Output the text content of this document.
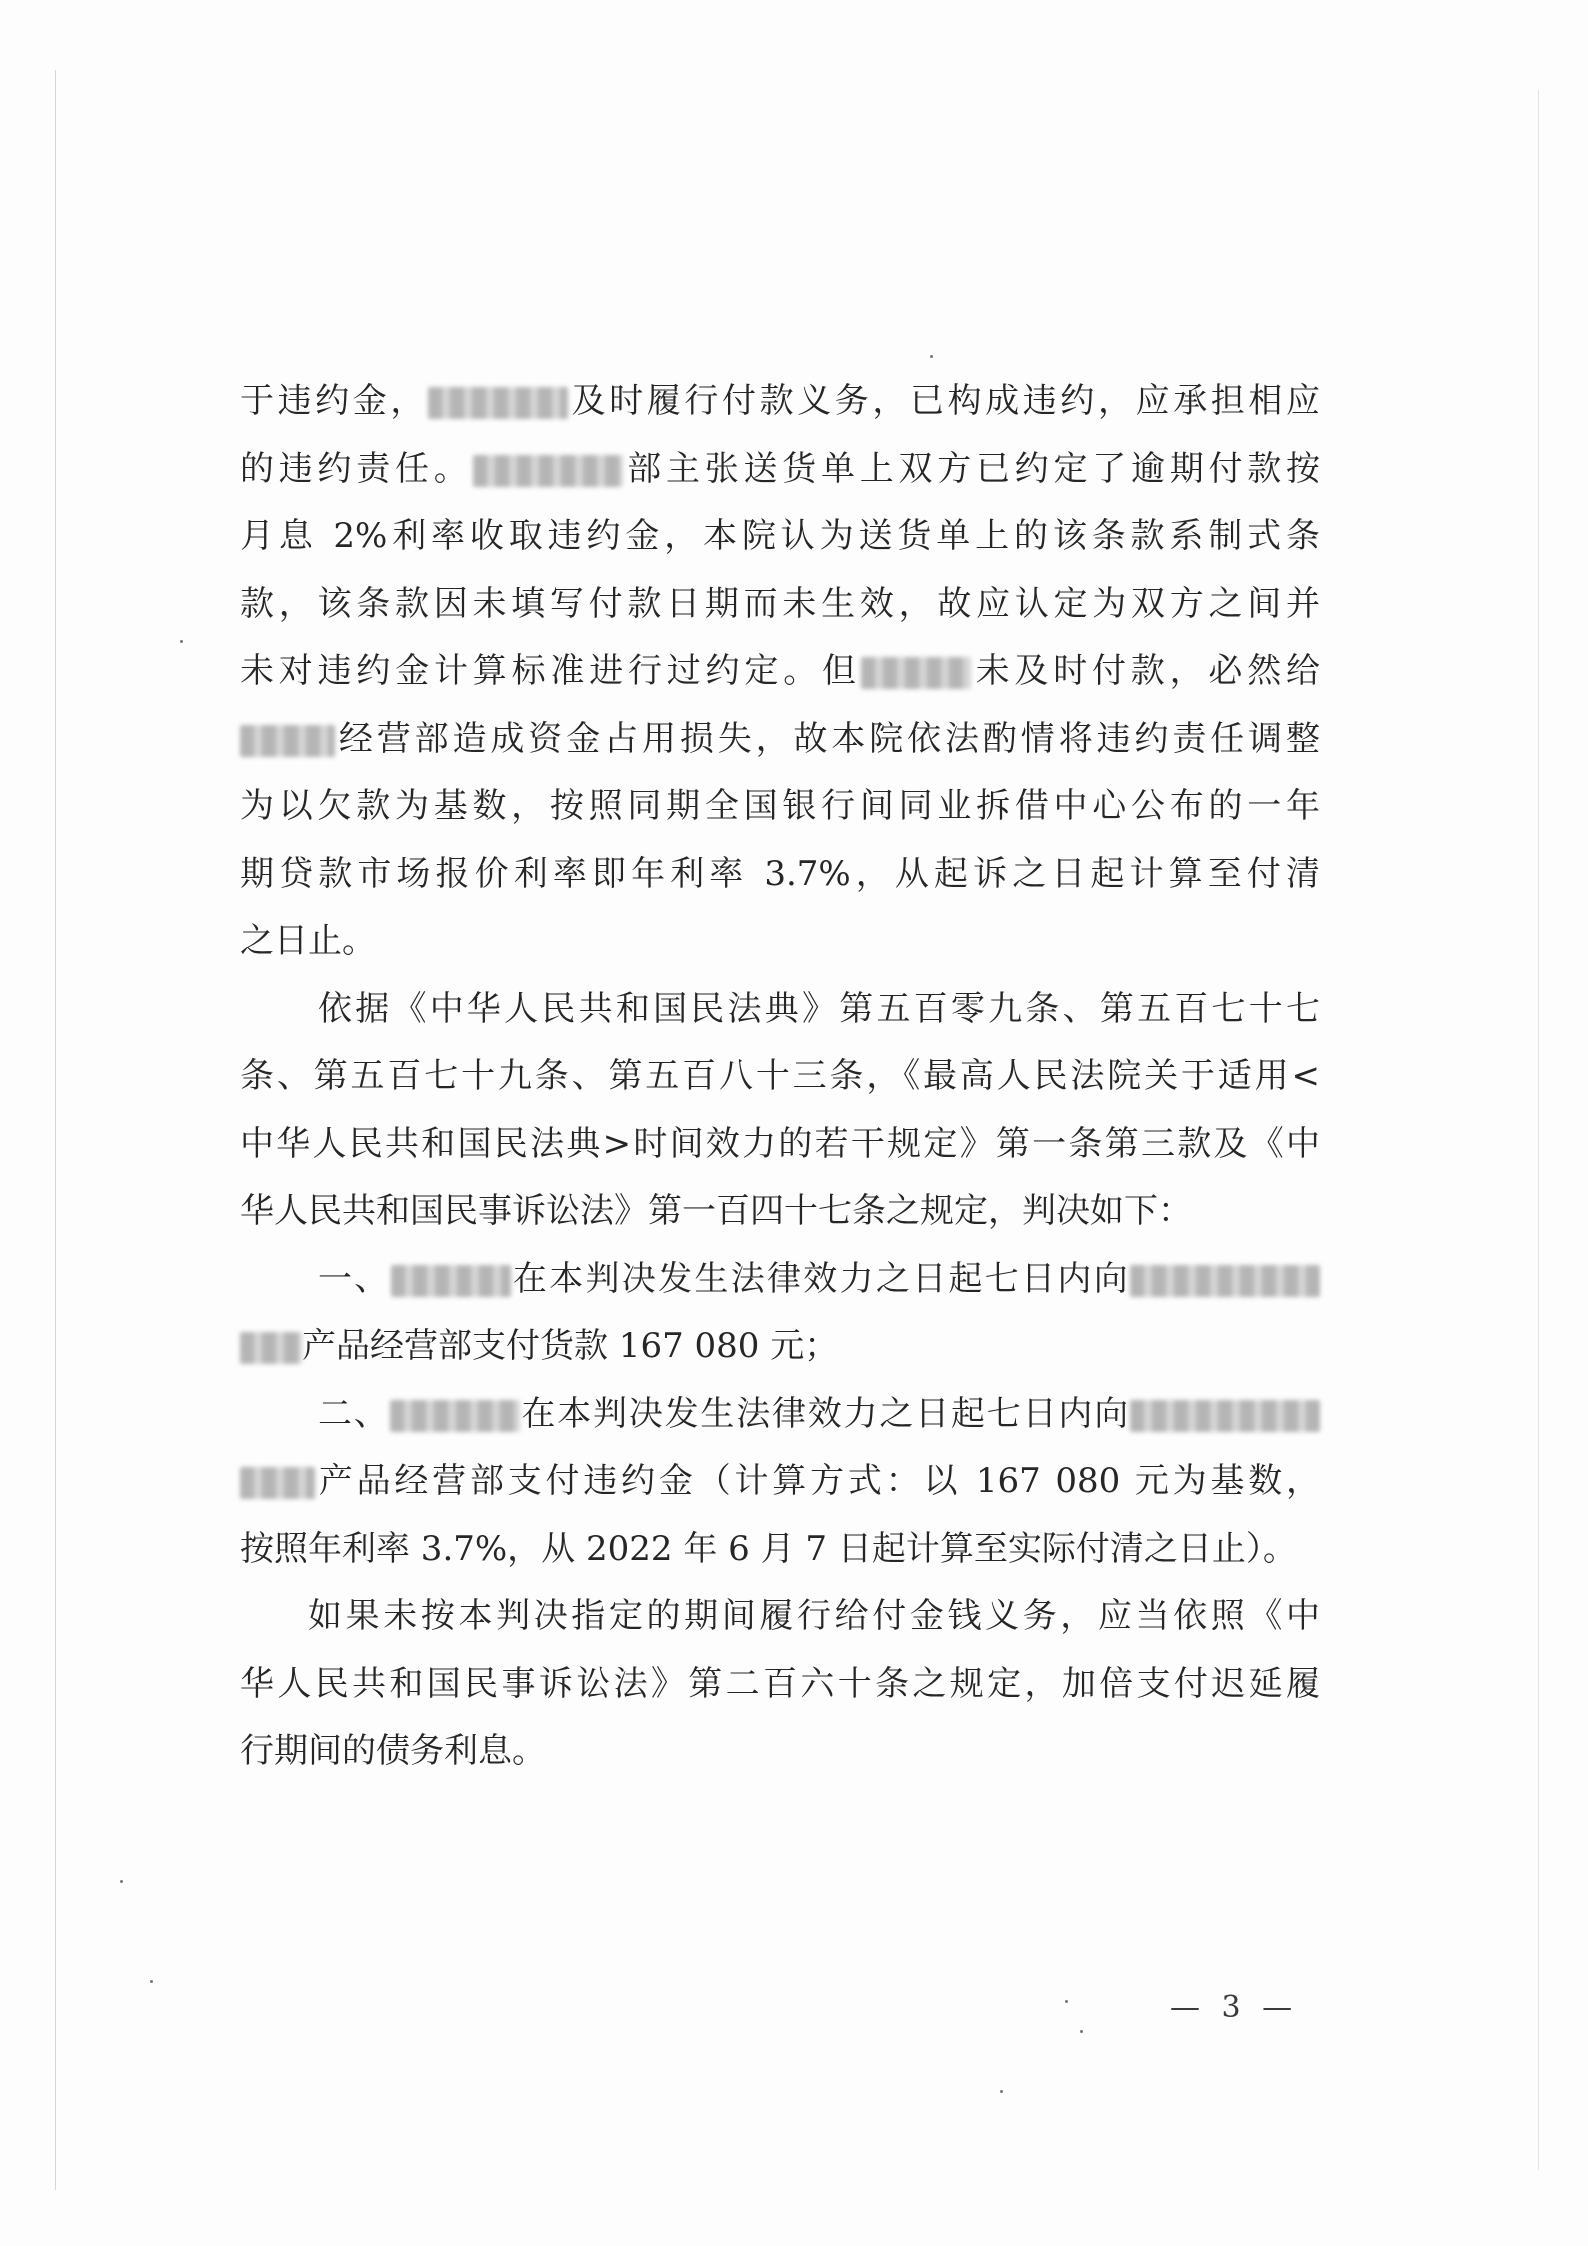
于违约金，	及时履行付款义务，已构成违约，应承担相应
的违约责任。	部主张送货单上双方已约定了逾期付款按
月息 2%利率收取违约金，本院认为送货单上的该条款系制式条
款，该条款因未填写付款日期而未生效，故应认定为双方之间并
未对违约金计算标准进行过约定。但	未及时付款，必然给
经营部造成资金占用损失，故本院依法酌情将违约责任调整
为以欠款为基数，按照同期全国银行间同业拆借中心公布的一年
期贷款市场报价利率即年利率 3.7%，从起诉之日起计算至付清
之日止。
依据《中华人民共和国民法典》第五百零九条、第五百七十七
条、第五百七十九条、第五百八十三条，《最高人民法院关于适用<
中华人民共和国民法典>时间效力的若干规定》第一条第三款及《中
华人民共和国民事诉讼法》第一百四十七条之规定，判决如下：
一、	在本判决发生法律效力之日起七日内向
产品经营部支付货款 167 080 元；
二、	在本判决发生法律效力之日起七日内向
产品经营部支付违约金（计算方式：以 167 080 元为基数，
按照年利率 3.7%，从 2022 年 6 月 7 日起计算至实际付清之日止）。
如果未按本判决指定的期间履行给付金钱义务，应当依照《中
华人民共和国民事诉讼法》第二百六十条之规定，加倍支付迟延履
行期间的债务利息。
— 3 —
